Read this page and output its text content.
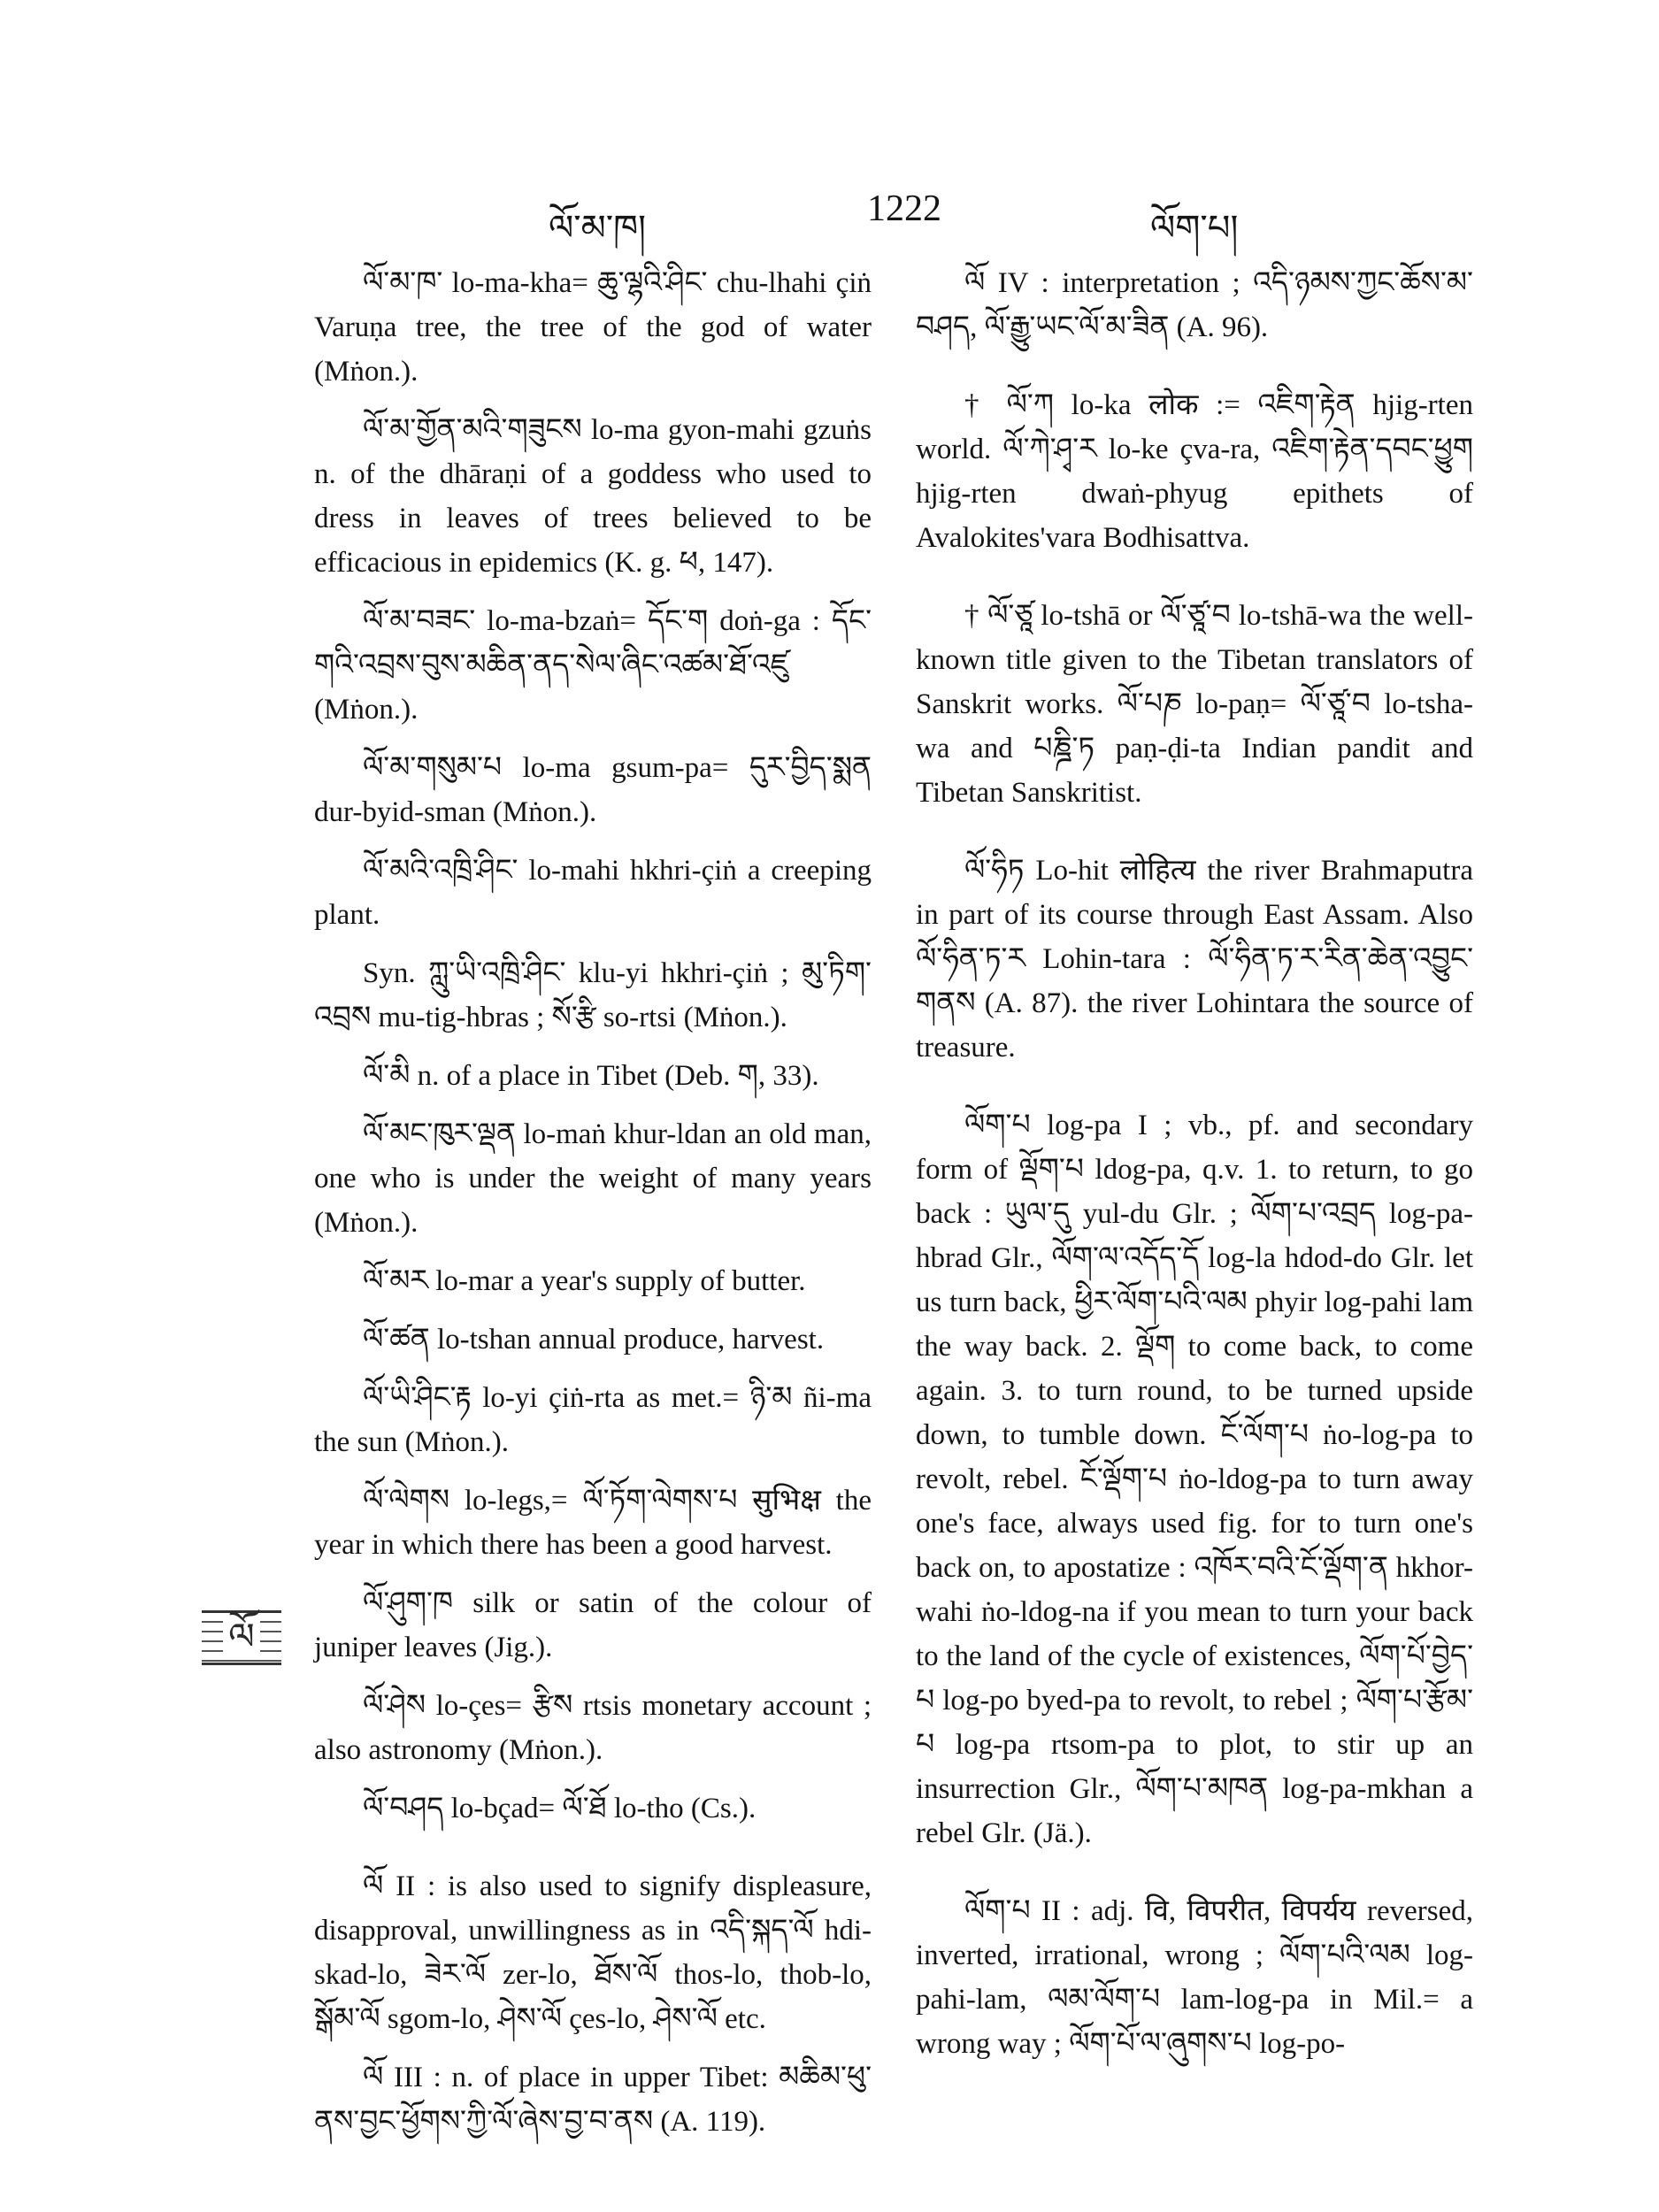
ལོ་མ་ཁ།	1222	ལོག་པ།
ལོ

ལོ་མ་ཁ་ lo-ma-kha= ཆུ་ལྷའི་ཤིང་ chu-lhahi çiṅ Varuṇa tree, the tree of the god of water (Mṅon.).

ལོ་མ་གྱོན་མའི་གཟུངས lo-ma gyon-mahi gzuṅs n. of the dhāraṇi of a goddess who used to dress in leaves of trees believed to be efficacious in epidemics (K. g. ཕ, 147).

ལོ་མ་བཟང་ lo-ma-bzaṅ= དོང་ག doṅ-ga : དོང་གའི་འབྲས་བུས་མཆིན་ནད་སེལ་ཞིང་འཚམ་ཐོ་འཛུ (Mṅon.).

ལོ་མ་གསུམ་པ lo-ma gsum-pa= དུར་བྱིད་སྨན dur-byid-sman (Mṅon.).

ལོ་མའི་འཁྲི་ཤིང་ lo-mahi hkhri-çiṅ a creeping plant.

Syn. ཀླུ་ཡི་འཁྲི་ཤིང་ klu-yi hkhri-çiṅ ; མུ་ཏིག་འབྲས mu-tig-hbras ; སོ་རྩི so-rtsi (Mṅon.).

ལོ་མི n. of a place in Tibet (Deb. ག, 33).

ལོ་མང་ཁུར་ལྡན lo-maṅ khur-ldan an old man, one who is under the weight of many years (Mṅon.).

ལོ་མར lo-mar a year's supply of butter.

ལོ་ཚན lo-tshan annual produce, harvest.

ལོ་ཡི་ཤིང་རྟ lo-yi çiṅ-rta as met.= ཉི་མ ñi-ma the sun (Mṅon.).

ལོ་ལེགས lo-legs,= ལོ་ཏོག་ལེགས་པ सुभिक्ष the year in which there has been a good harvest.

ལོ་ཤུག་ཁ silk or satin of the colour of juniper leaves (Jig.).

ལོ་ཤེས lo-çes= རྩིས rtsis monetary account ; also astronomy (Mṅon.).

ལོ་བཤད lo-bçad= ལོ་ཐོ lo-tho (Cs.).

ལོ II : is also used to signify displeasure, disapproval, unwillingness as in འདི་སྐད་ལོ hdi-skad-lo, ཟེར་ལོ zer-lo, ཐོས་ལོ thos-lo, thob-lo, སྒོམ་ལོ sgom-lo, ཤེས་ལོ çes-lo, ཤེས་ལོ etc.

ལོ III : n. of place in upper Tibet: མཆིམ་ཕུ་ནས་བྱང་ཕྱོགས་ཀྱི་ལོ་ཞེས་བྱ་བ་ནས (A. 119).

ལོ IV : interpretation ; འདི་ཉམས་ཀྱང་ཆོས་མ་བཤད, ལོ་རྒྱུ་ཡང་ལོ་མ་ཟིན (A. 96).

† ལོ་ཀ lo-ka लोक := འཇིག་རྟེན hjig-rten world. ལོ་ཀེ་ཤྭ་ར lo-ke çva-ra, འཇིག་རྟེན་དབང་ཕྱུག hjig-rten dwaṅ-phyug epithets of Avalokites'vara Bodhisattva.

† ལོ་ཙཱ lo-tshā or ལོ་ཙཱ་བ lo-tshā-wa the well-known title given to the Tibetan translators of Sanskrit works. ལོ་པཎ lo-paṇ= ལོ་ཙཱ་བ lo-tsha-wa and པཎྜི་ཏ paṇ-ḍi-ta Indian pandit and Tibetan Sanskritist.

ལོ་ཧིཏ Lo-hit लोहित्य the river Brahmaputra in part of its course through East Assam. Also ལོ་ཧིན་ཏ་ར Lohin-tara : ལོ་ཧིན་ཏ་ར་རིན་ཆེན་འབྱུང་གནས (A. 87). the river Lohintara the source of treasure.

ལོག་པ log-pa I ; vb., pf. and secondary form of ལྡོག་པ ldog-pa, q.v. 1. to return, to go back : ཡུལ་དུ yul-du Glr. ; ལོག་པ་འབྲད log-pa-hbrad Glr., ལོག་ལ་འདོད་དོ log-la hdod-do Glr. let us turn back, ཕྱིར་ལོག་པའི་ལམ phyir log-pahi lam the way back. 2. ལྡོག to come back, to come again. 3. to turn round, to be turned upside down, to tumble down. ངོ་ལོག་པ ṅo-log-pa to revolt, rebel. ངོ་ལྡོག་པ ṅo-ldog-pa to turn away one's face, always used fig. for to turn one's back on, to apostatize : འཁོར་བའི་ངོ་ལྡོག་ན hkhor-wahi ṅo-ldog-na if you mean to turn your back to the land of the cycle of existences, ལོག་པོ་བྱེད་པ log-po byed-pa to revolt, to rebel ; ལོག་པ་རྩོམ་པ log-pa rtsom-pa to plot, to stir up an insurrection Glr., ལོག་པ་མཁན log-pa-mkhan a rebel Glr. (Jä.).

ལོག་པ II : adj. वि, विपरीत, विपर्यय reversed, inverted, irrational, wrong ; ལོག་པའི་ལམ log-pahi-lam, ལམ་ལོག་པ lam-log-pa in Mil.= a wrong way ; ལོག་པོ་ལ་ཞུགས་པ log-po-
